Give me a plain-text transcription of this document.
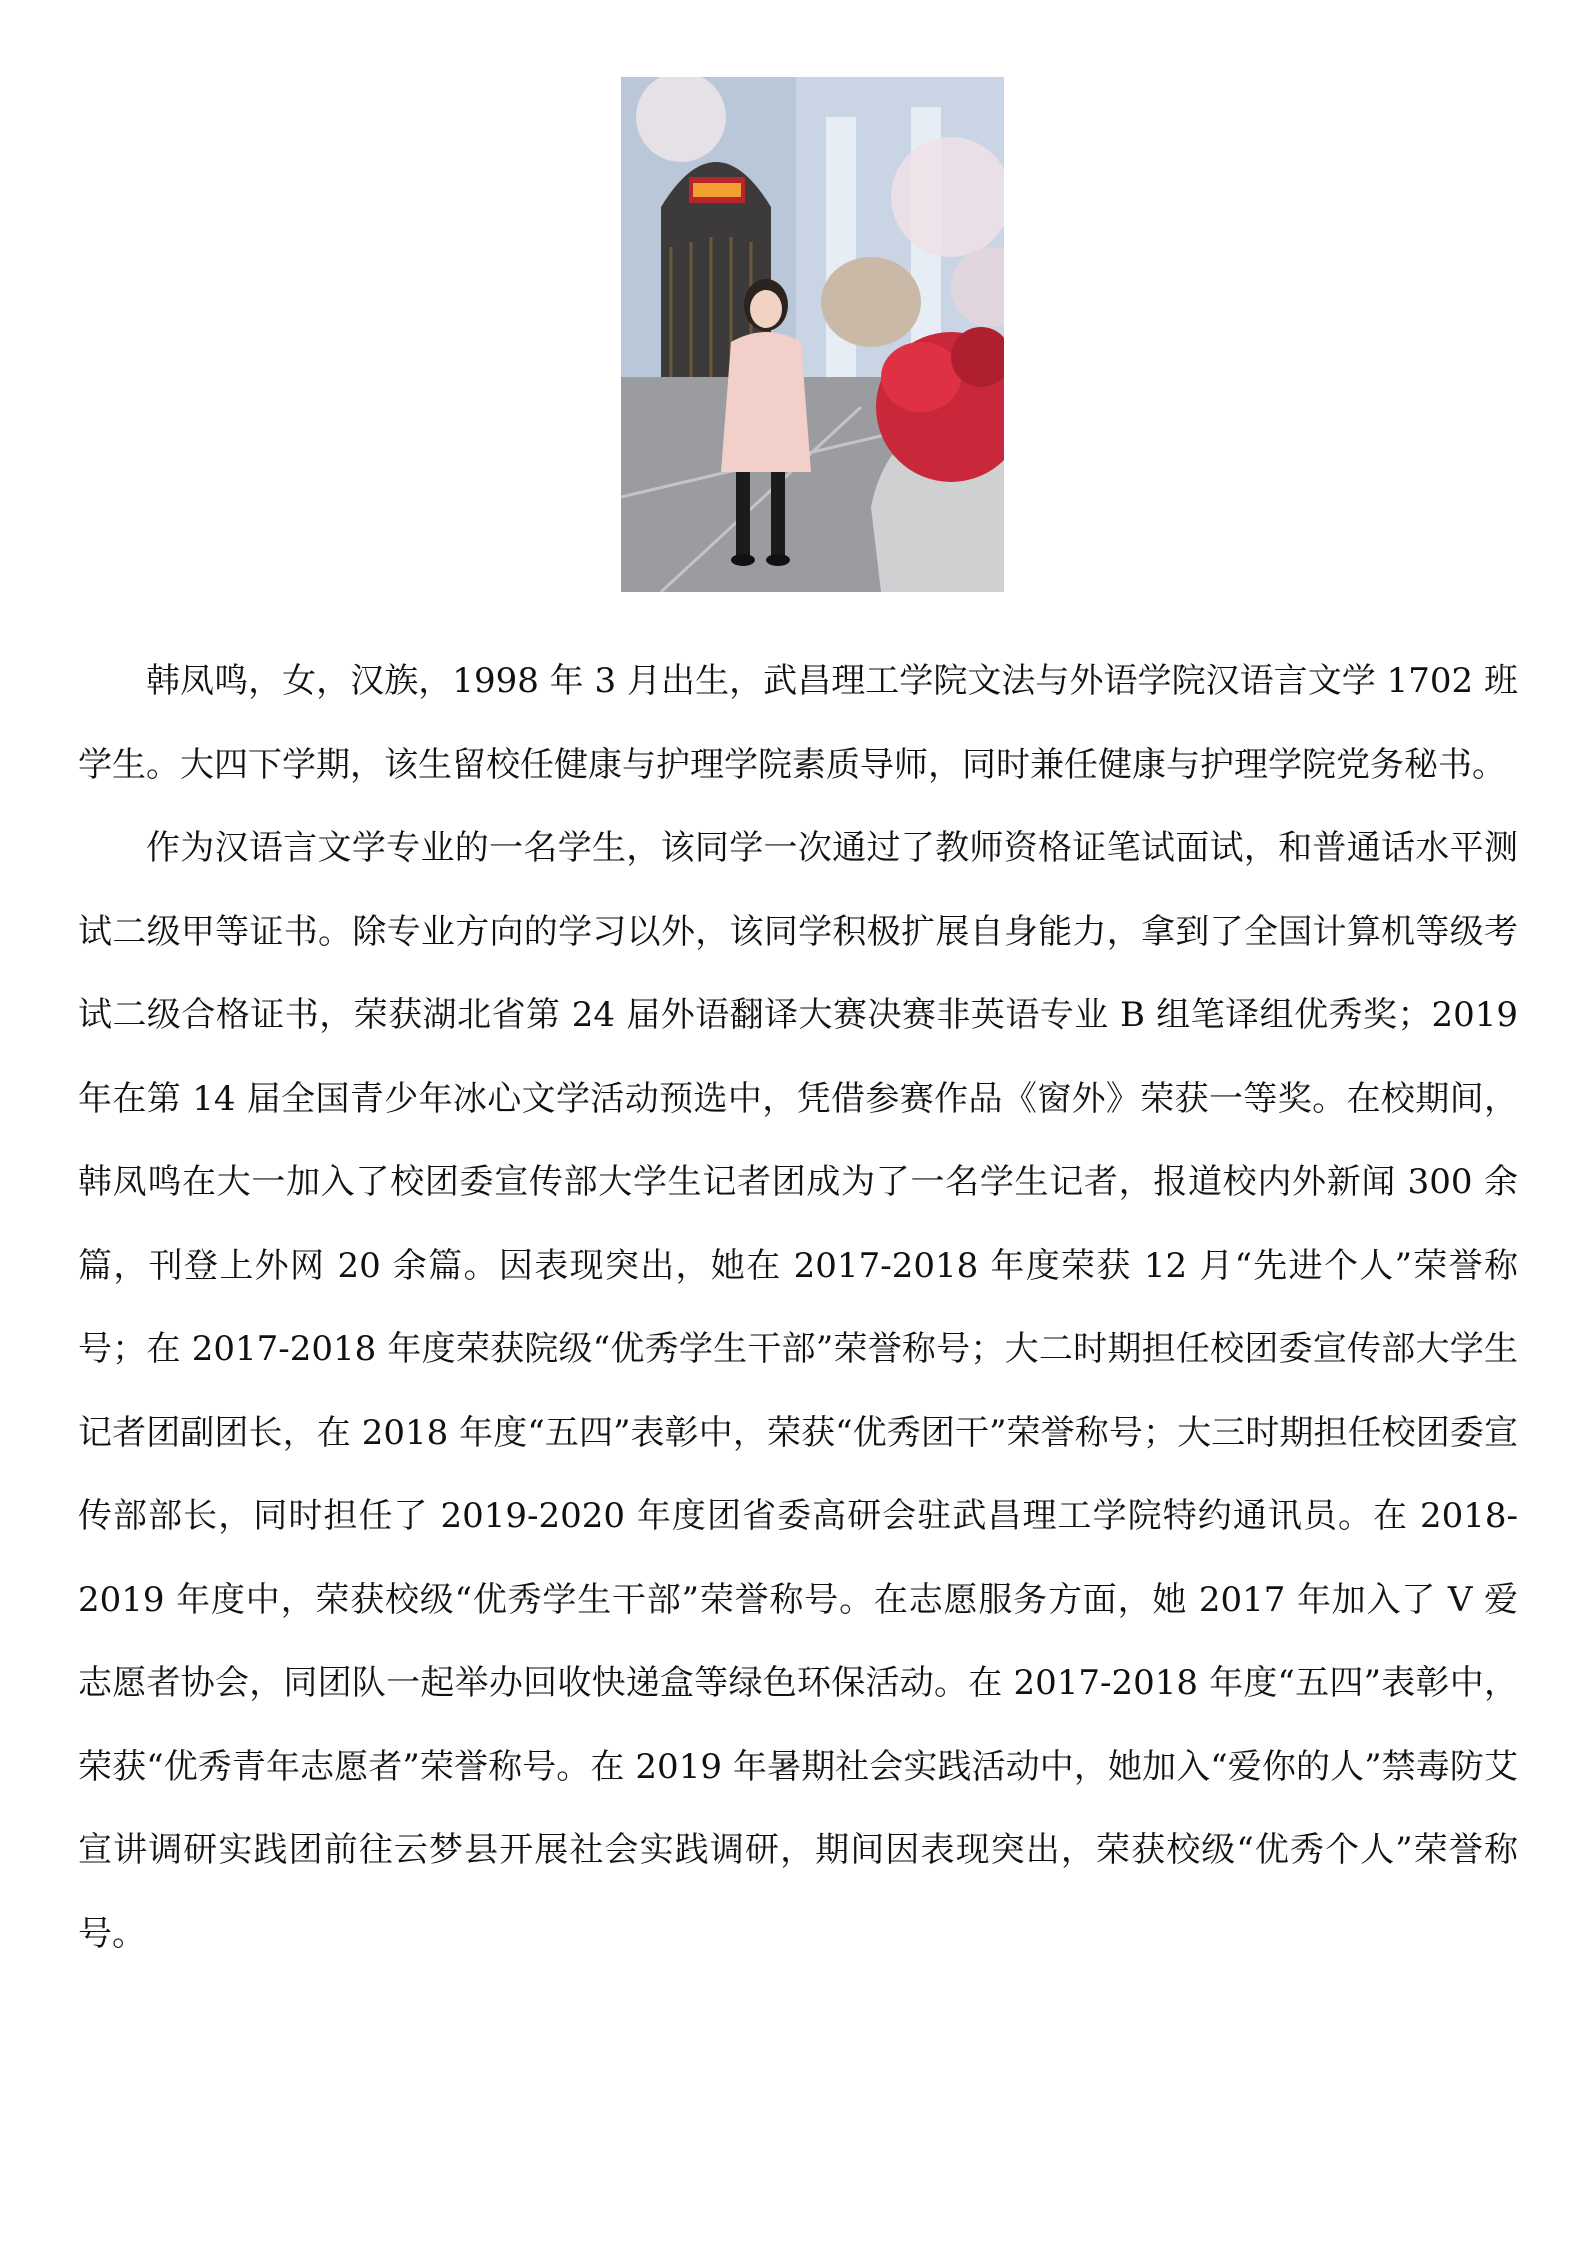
韩凤鸣，女，汉族，1998 年 3 月出生，武昌理工学院文法与外语学院汉语言文学 1702 班学生。大四下学期，该生留校任健康与护理学院素质导师，同时兼任健康与护理学院党务秘书。

作为汉语言文学专业的一名学生，该同学一次通过了教师资格证笔试面试，和普通话水平测试二级甲等证书。除专业方向的学习以外，该同学积极扩展自身能力，拿到了全国计算机等级考试二级合格证书，荣获湖北省第 24 届外语翻译大赛决赛非英语专业 B 组笔译组优秀奖；2019 年在第 14 届全国青少年冰心文学活动预选中，凭借参赛作品《窗外》荣获一等奖。在校期间，韩凤鸣在大一加入了校团委宣传部大学生记者团成为了一名学生记者，报道校内外新闻 300 余篇，刊登上外网 20 余篇。因表现突出，她在 2017-2018 年度荣获 12 月“先进个人”荣誉称号；在 2017-2018 年度荣获院级“优秀学生干部”荣誉称号；大二时期担任校团委宣传部大学生记者团副团长，在 2018 年度“五四”表彰中，荣获“优秀团干”荣誉称号；大三时期担任校团委宣传部部长，同时担任了 2019-2020 年度团省委高研会驻武昌理工学院特约通讯员。在 2018-2019 年度中，荣获校级“优秀学生干部”荣誉称号。在志愿服务方面，她 2017 年加入了 V 爱志愿者协会，同团队一起举办回收快递盒等绿色环保活动。在 2017-2018 年度“五四”表彰中，荣获“优秀青年志愿者”荣誉称号。在 2019 年暑期社会实践活动中，她加入“爱你的人”禁毒防艾宣讲调研实践团前往云梦县开展社会实践调研，期间因表现突出，荣获校级“优秀个人”荣誉称号。
